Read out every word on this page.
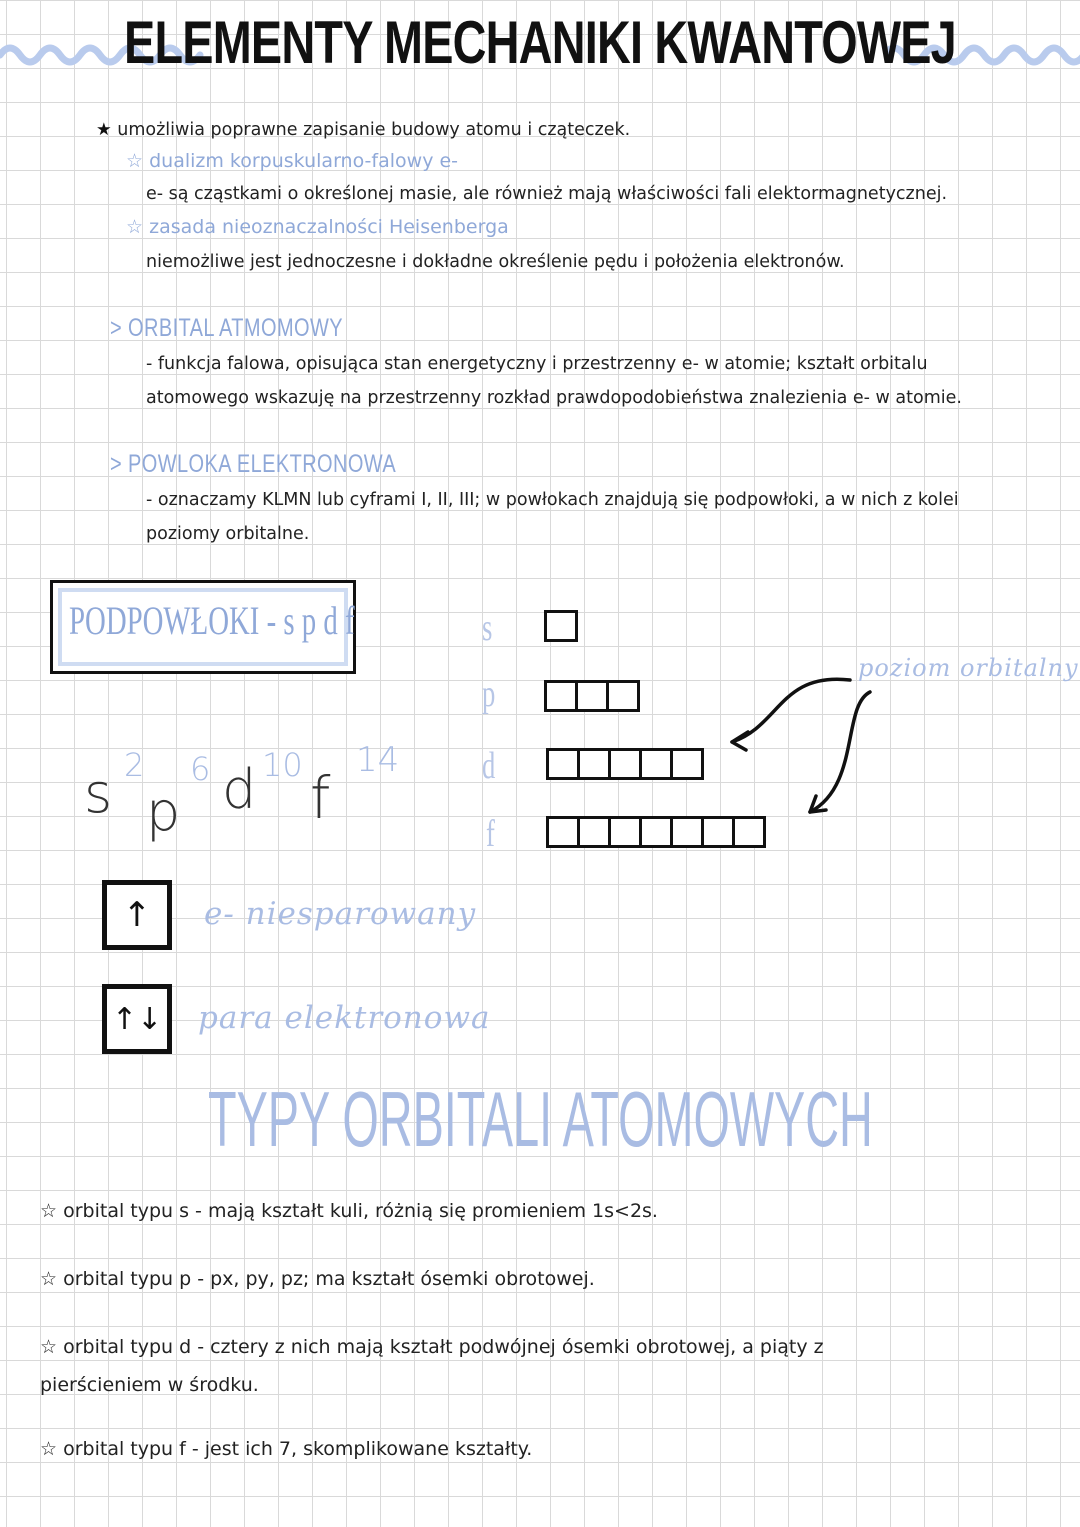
ELEMENTY MECHANIKI KWANTOWEJ
★ umożliwia poprawne zapisanie budowy atomu i cząteczek.
☆ dualizm korpuskularno-falowy e-
e- są cząstkami o określonej masie, ale również mają właściwości fali elektormagnetycznej.
☆ zasada nieoznaczalności Heisenberga
niemożliwe jest jednoczesne i dokładne określenie pędu i położenia elektronów.
> ORBITAL ATMOMOWY
- funkcja falowa, opisująca stan energetyczny i przestrzenny e- w atomie; kształt orbitalu
atomowego wskazuję na przestrzenny rozkład prawdopodobieństwa znalezienia e- w atomie.
> POWLOKA ELEKTRONOWA
- oznaczamy KLMN lub cyframi I, II, III; w powłokach znajdują się podpowłoki, a w nich z kolei
poziomy orbitalne.
PODPOWŁOKI - s p d f	s
p
d
f
poziom orbitalny
s 2
p
6 d 10 f
14
↑	e- niesparowany
↑↓	para elektronowa
TYPY ORBITALI ATOMOWYCH
☆ orbital typu s - mają kształt kuli, różnią się promieniem 1s<2s.
☆ orbital typu p - px, py, pz; ma kształt ósemki obrotowej.
☆ orbital typu d - cztery z nich mają kształt podwójnej ósemki obrotowej, a piąty z
pierścieniem w środku.
☆ orbital typu f - jest ich 7, skomplikowane kształty.
